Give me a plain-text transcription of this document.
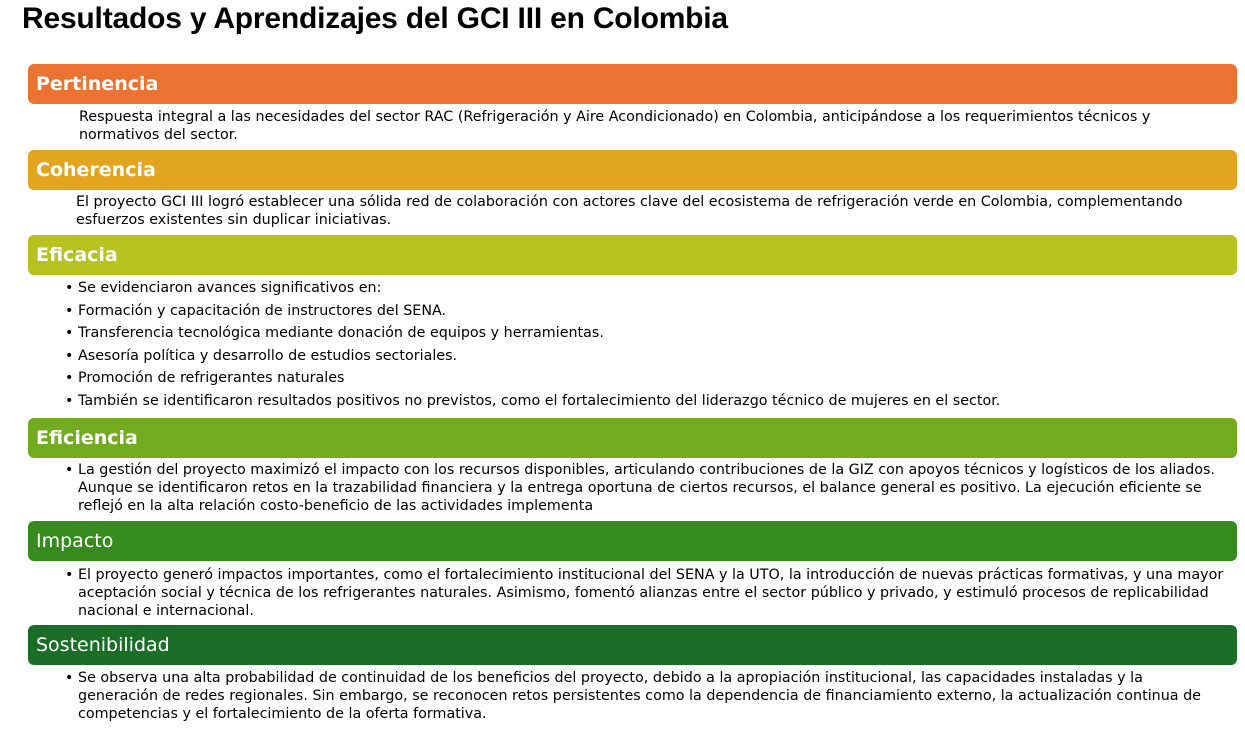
Resultados y Aprendizajes del GCI III en Colombia
Pertinencia
Respuesta integral a las necesidades del sector RAC (Refrigeración y Aire Acondicionado) en Colombia, anticipándose a los requerimientos técnicos y normativos del sector.
Coherencia
El proyecto GCI III logró establecer una sólida red de colaboración con actores clave del ecosistema de refrigeración verde en Colombia, complementando esfuerzos existentes sin duplicar iniciativas.
Eficacia
• Se evidenciaron avances significativos en:
• Formación y capacitación de instructores del SENA.
• Transferencia tecnológica mediante donación de equipos y herramientas.
• Asesoría política y desarrollo de estudios sectoriales.
• Promoción de refrigerantes naturales
• También se identificaron resultados positivos no previstos, como el fortalecimiento del liderazgo técnico de mujeres en el sector.
Eficiencia
• La gestión del proyecto maximizó el impacto con los recursos disponibles, articulando contribuciones de la GIZ con apoyos técnicos y logísticos de los aliados. Aunque se identificaron retos en la trazabilidad financiera y la entrega oportuna de ciertos recursos, el balance general es positivo. La ejecución eficiente se reflejó en la alta relación costo-beneficio de las actividades implementa
Impacto
• El proyecto generó impactos importantes, como el fortalecimiento institucional del SENA y la UTO, la introducción de nuevas prácticas formativas, y una mayor aceptación social y técnica de los refrigerantes naturales. Asimismo, fomentó alianzas entre el sector público y privado, y estimuló procesos de replicabilidad nacional e internacional.
Sostenibilidad
• Se observa una alta probabilidad de continuidad de los beneficios del proyecto, debido a la apropiación institucional, las capacidades instaladas y la generación de redes regionales. Sin embargo, se reconocen retos persistentes como la dependencia de financiamiento externo, la actualización continua de competencias y el fortalecimiento de la oferta formativa.
